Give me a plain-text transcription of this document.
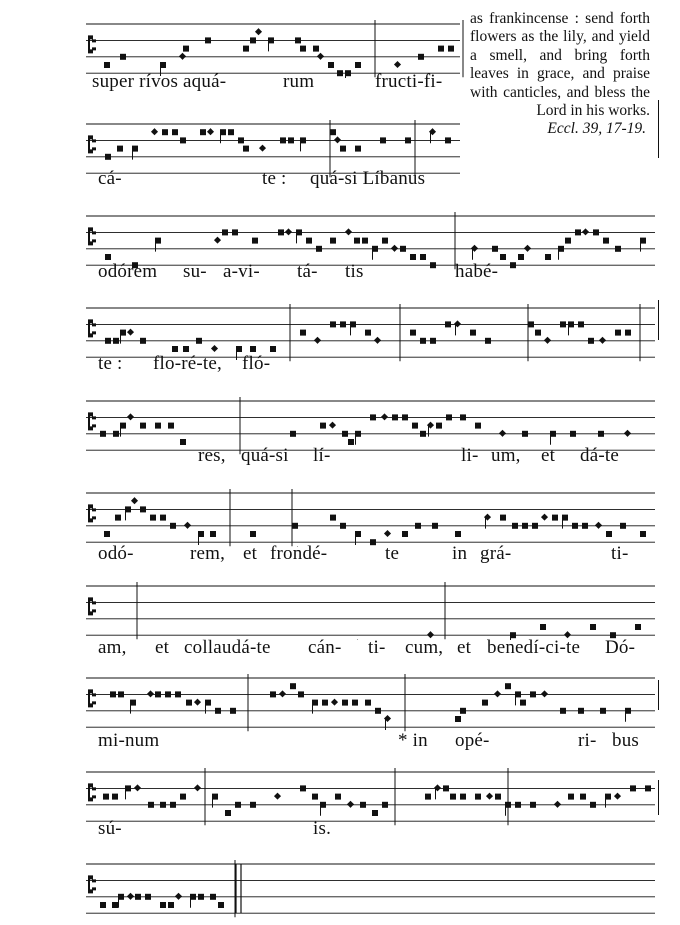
as frankincense : send forth flowers as the lily, and yield a smell, and bring forth leaves in grace, and praise with canticles, and bless the Lord in his works.
Eccl. 39, 17-19.
super rívos aquá-	rum	fructi-fi-
cá-	te : quá-si Líbanus
odórem su- a-vi- tá- tis	habé-
te : flo-ré-te, fló-
res, quá-si lí-	li- um, et dá-te
odó-	rem, et frondé-	te	in grá-	ti-
am, et collaudá-te cán- ti- cum, et benedí-ci-te Dó-
mi-num	* in opé-	ri- bus
sú-	is.
